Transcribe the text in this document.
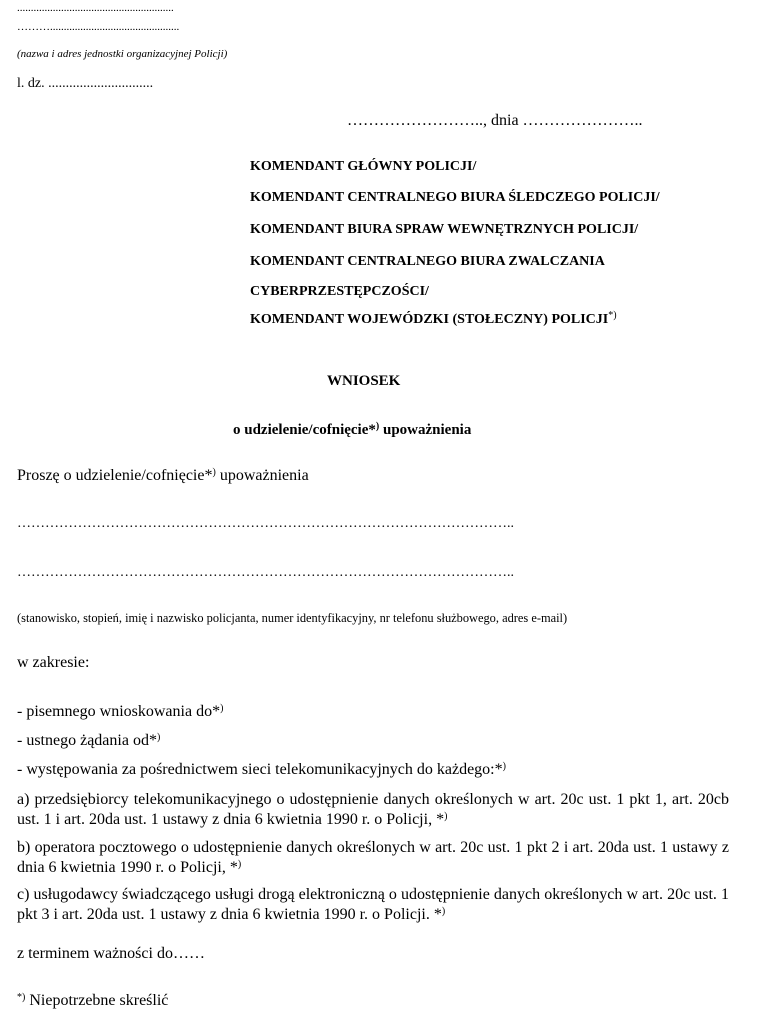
.........................................................
………...............................................
(nazwa i adres jednostki organizacyjnej Policji)
l. dz. ..............................
…………………….., dnia …………………..
KOMENDANT GŁÓWNY POLICJI/
KOMENDANT CENTRALNEGO BIURA ŚLEDCZEGO POLICJI/
KOMENDANT BIURA SPRAW WEWNĘTRZNYCH POLICJI/
KOMENDANT CENTRALNEGO BIURA ZWALCZANIA
CYBERPRZESTĘPCZOŚCI/
KOMENDANT WOJEWÓDZKI (STOŁECZNY) POLICJI*)
WNIOSEK
o udzielenie/cofnięcie*) upoważnienia
Proszę o udzielenie/cofnięcie*) upoważnienia
……………………………………………………………………………………………..
……………………………………………………………………………………………..
(stanowisko, stopień, imię i nazwisko policjanta, numer identyfikacyjny, nr telefonu służbowego, adres e-mail)
w zakresie:
- pisemnego wnioskowania do*)
- ustnego żądania od*)
- występowania za pośrednictwem sieci telekomunikacyjnych do każdego:*)
a) przedsiębiorcy telekomunikacyjnego o udostępnienie danych określonych w art. 20c ust. 1 pkt 1, art. 20cb ust. 1 i art. 20da ust. 1 ustawy z dnia 6 kwietnia 1990 r. o Policji, *)
b) operatora pocztowego o udostępnienie danych określonych w art. 20c ust. 1 pkt 2 i art. 20da ust. 1 ustawy z dnia 6 kwietnia 1990 r. o Policji, *)
c) usługodawcy świadczącego usługi drogą elektroniczną o udostępnienie danych określonych w art. 20c ust. 1 pkt 3 i art. 20da ust. 1 ustawy z dnia 6 kwietnia 1990 r. o Policji. *)
z terminem ważności do……
*) Niepotrzebne skreślić
